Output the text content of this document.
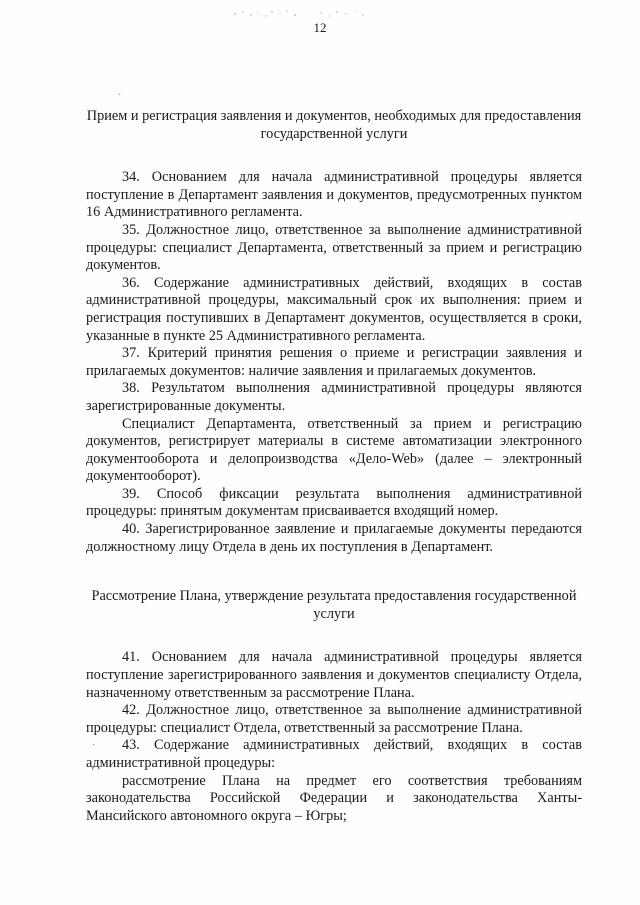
12
·
·
Прием и регистрация заявления и документов, необходимых для предоставления государственной услуги

34. Основанием для начала административной процедуры является поступление в Департамент заявления и документов, предусмотренных пунктом 16 Административного регламента.

35. Должностное лицо, ответственное за выполнение административной процедуры: специалист Департамента, ответственный за прием и регистрацию документов.

36. Содержание административных действий, входящих в состав административной процедуры, максимальный срок их выполнения: прием и регистрация поступивших в Департамент документов, осуществляется в сроки, указанные в пункте 25 Административного регламента.

37. Критерий принятия решения о приеме и регистрации заявления и прилагаемых документов: наличие заявления и прилагаемых документов.

38. Результатом выполнения административной процедуры являются зарегистрированные документы.

Специалист Департамента, ответственный за прием и регистрацию документов, регистрирует материалы в системе автоматизации электронного документооборота и делопроизводства «Дело-Web» (далее – электронный документооборот).

39. Способ фиксации результата выполнения административной процедуры: принятым документам присваивается входящий номер.

40. Зарегистрированное заявление и прилагаемые документы передаются должностному лицу Отдела в день их поступления в Департамент.

Рассмотрение Плана, утверждение результата предоставления государственной услуги

41. Основанием для начала административной процедуры является поступление зарегистрированного заявления и документов специалисту Отдела, назначенному ответственным за рассмотрение Плана.

42. Должностное лицо, ответственное за выполнение административной процедуры: специалист Отдела, ответственный за рассмотрение Плана.

43. Содержание административных действий, входящих в состав административной процедуры:

рассмотрение Плана на предмет его соответствия требованиям законодательства Российской Федерации и законодательства Ханты-Мансийского автономного округа – Югры;
